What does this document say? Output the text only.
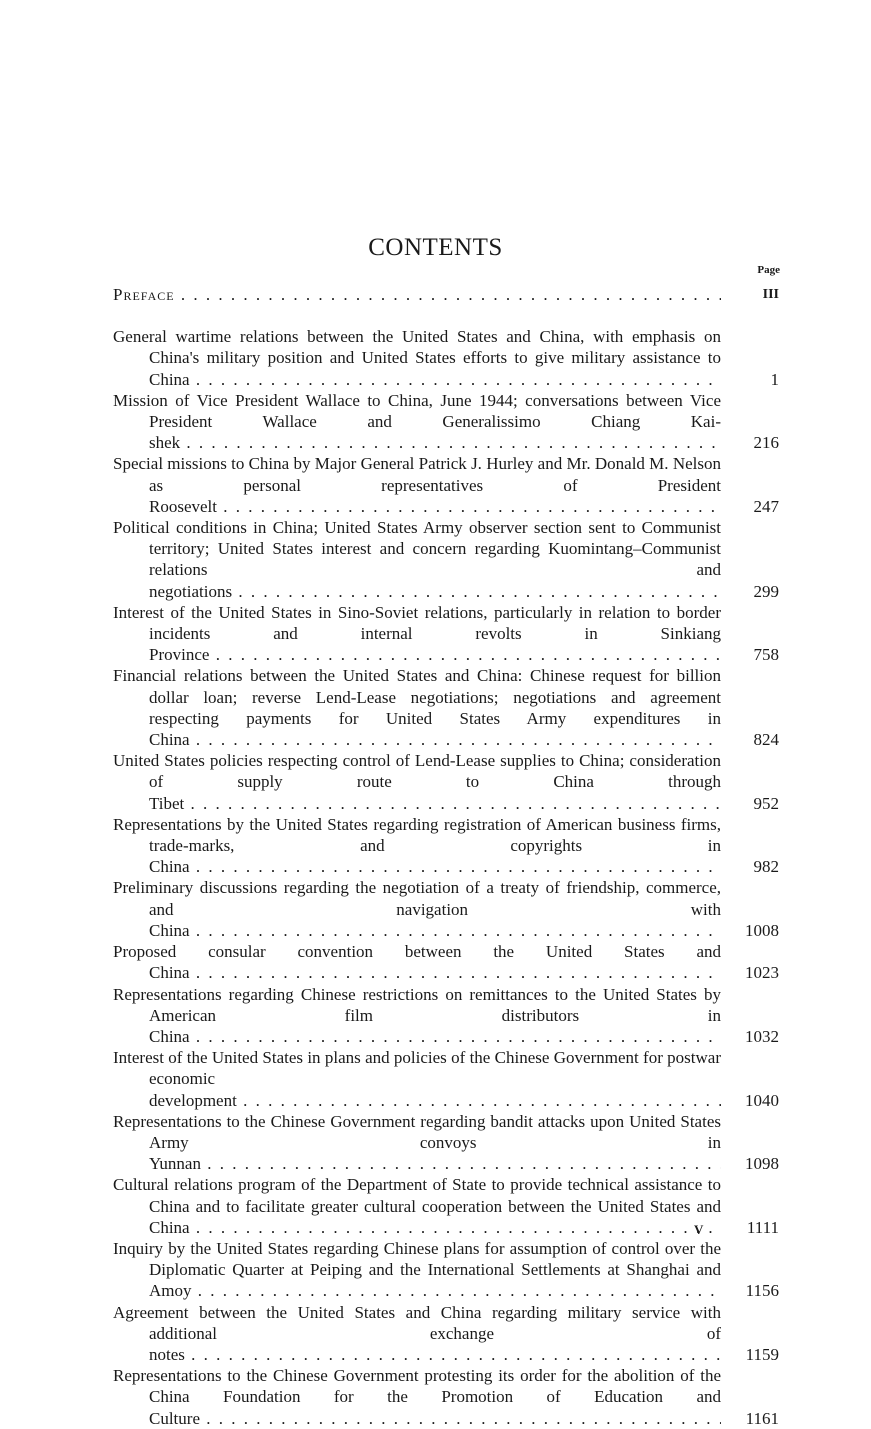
CONTENTS
Page
Preface . . .	III
General wartime relations between the United States and China, with emphasis on China's military position and United States efforts to give military assistance to China . . .	1
Mission of Vice President Wallace to China, June 1944; conversations between Vice President Wallace and Generalissimo Chiang Kai-shek . . .	216
Special missions to China by Major General Patrick J. Hurley and Mr. Donald M. Nelson as personal representatives of President Roosevelt . . .	247
Political conditions in China; United States Army observer section sent to Communist territory; United States interest and concern regarding Kuomintang–Communist relations and negotiations . . .	299
Interest of the United States in Sino-Soviet relations, particularly in relation to border incidents and internal revolts in Sinkiang Province . . .	758
Financial relations between the United States and China: Chinese request for billion dollar loan; reverse Lend-Lease negotiations; negotiations and agreement respecting payments for United States Army expenditures in China . . .	824
United States policies respecting control of Lend-Lease supplies to China; consideration of supply route to China through Tibet . . .	952
Representations by the United States regarding registration of American business firms, trade-marks, and copyrights in China . . .	982
Preliminary discussions regarding the negotiation of a treaty of friendship, commerce, and navigation with China . . .	1008
Proposed consular convention between the United States and China . . .	1023
Representations regarding Chinese restrictions on remittances to the United States by American film distributors in China . . .	1032
Interest of the United States in plans and policies of the Chinese Government for postwar economic development . . .	1040
Representations to the Chinese Government regarding bandit attacks upon United States Army convoys in Yunnan . . .	1098
Cultural relations program of the Department of State to provide technical assistance to China and to facilitate greater cultural cooperation between the United States and China . . .	1111
Inquiry by the United States regarding Chinese plans for assumption of control over the Diplomatic Quarter at Peiping and the International Settlements at Shanghai and Amoy . . .	1156
Agreement between the United States and China regarding military service with additional exchange of notes . . .	1159
Representations to the Chinese Government protesting its order for the abolition of the China Foundation for the Promotion of Education and Culture . . .	1161
V
